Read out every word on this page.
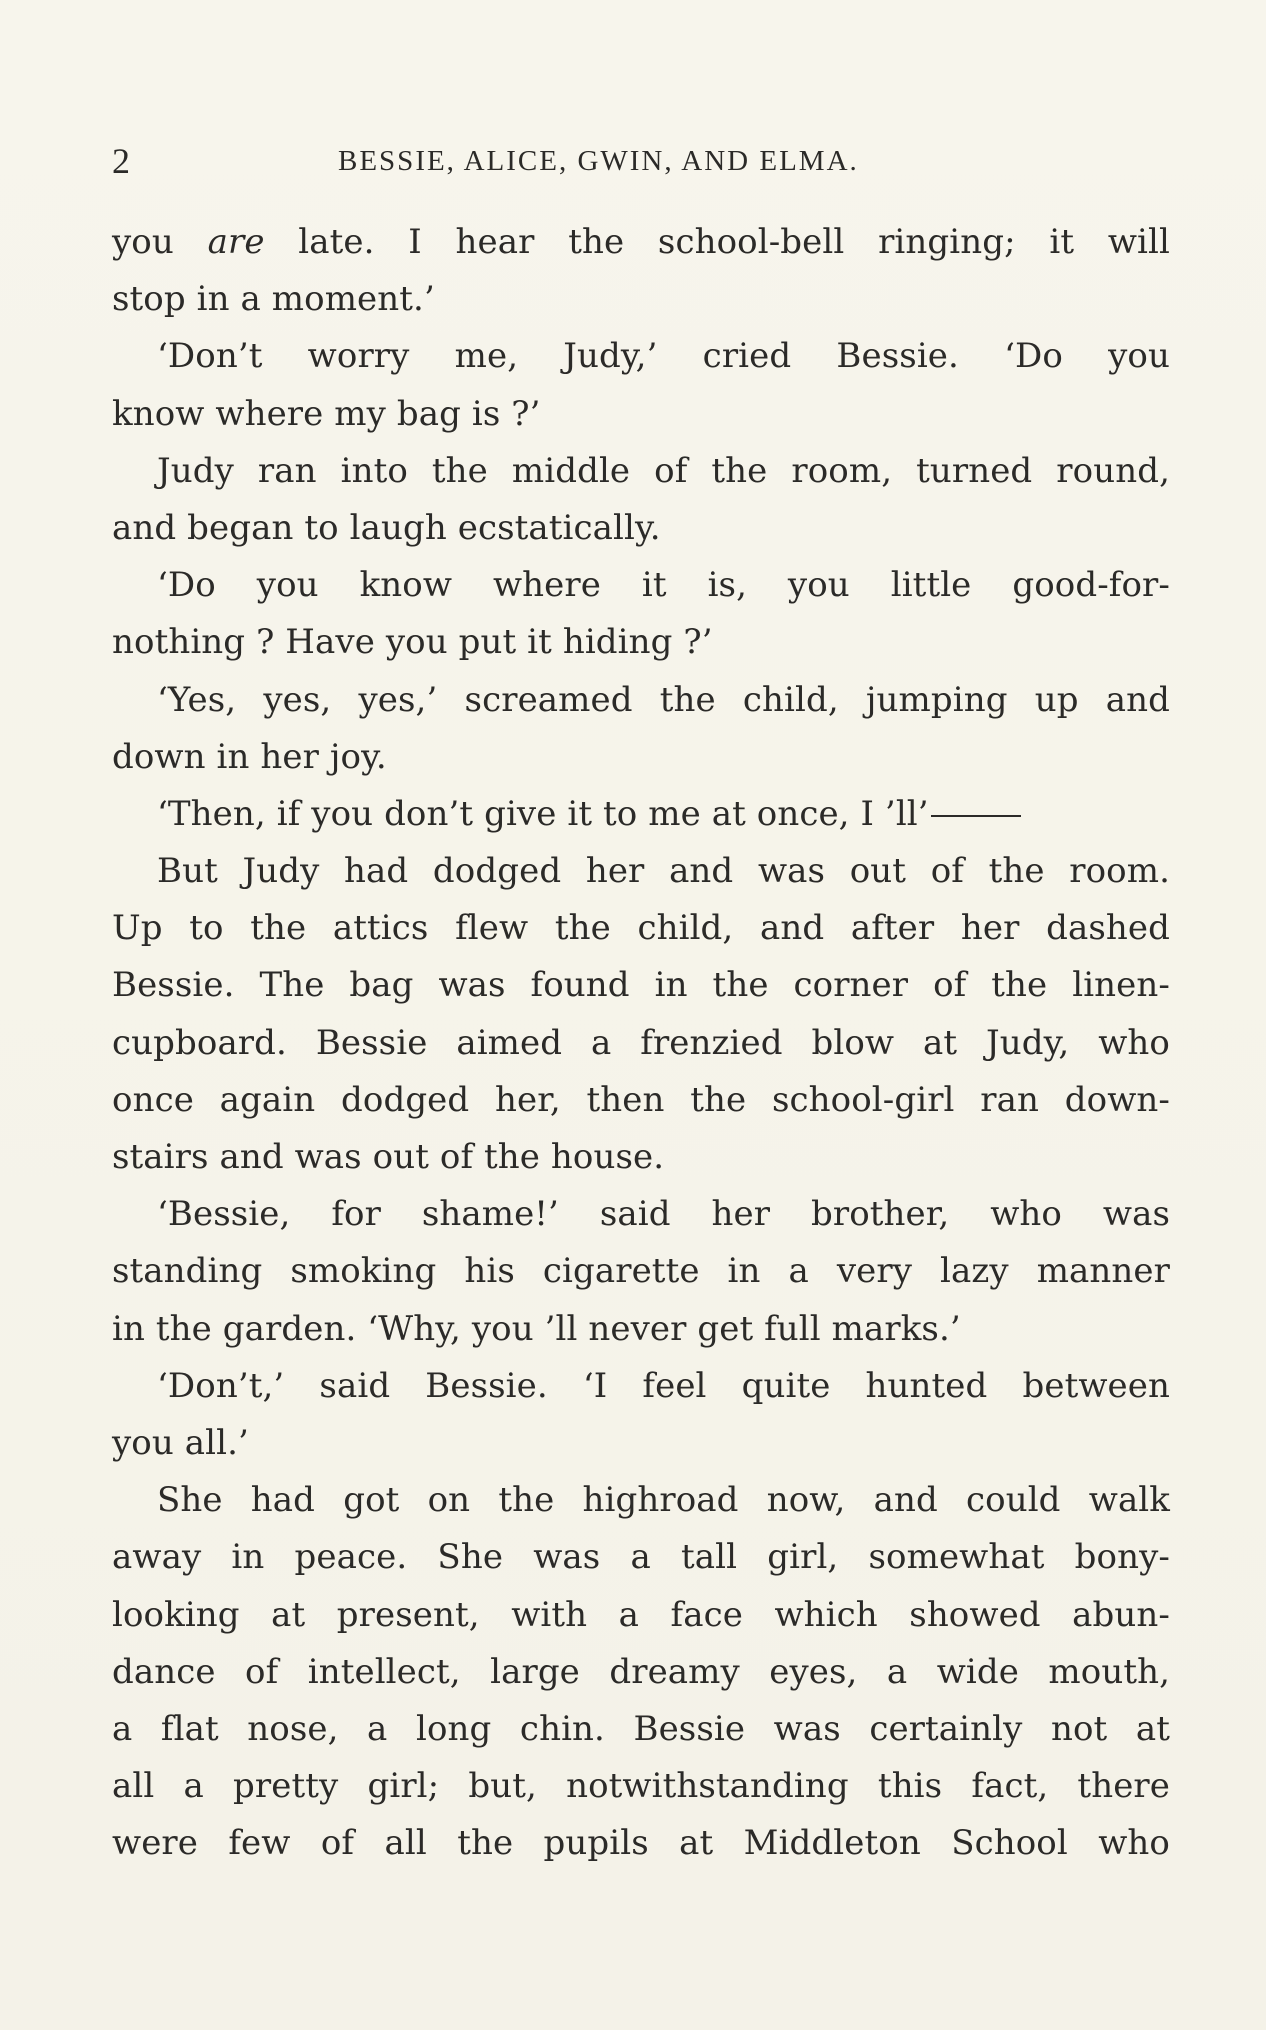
2	BESSIE, ALICE, GWIN, AND ELMA.
you are late. I hear the school-bell ringing; it will
stop in a moment.’
‘Don’t worry me, Judy,’ cried Bessie. ‘Do you
know where my bag is ?’
Judy ran into the middle of the room, turned round,
and began to laugh ecstatically.
‘Do you know where it is, you little good-for-
nothing ? Have you put it hiding ?’
‘Yes, yes, yes,’ screamed the child, jumping up and
down in her joy.
‘Then, if you don’t give it to me at once, I ’ll’
But Judy had dodged her and was out of the room.
Up to the attics flew the child, and after her dashed
Bessie. The bag was found in the corner of the linen-
cupboard. Bessie aimed a frenzied blow at Judy, who
once again dodged her, then the school-girl ran down-
stairs and was out of the house.
‘Bessie, for shame!’ said her brother, who was
standing smoking his cigarette in a very lazy manner
in the garden. ‘Why, you ’ll never get full marks.’
‘Don’t,’ said Bessie. ‘I feel quite hunted between
you all.’
She had got on the highroad now, and could walk
away in peace. She was a tall girl, somewhat bony-
looking at present, with a face which showed abun-
dance of intellect, large dreamy eyes, a wide mouth,
a flat nose, a long chin. Bessie was certainly not at
all a pretty girl; but, notwithstanding this fact, there
were few of all the pupils at Middleton School who
